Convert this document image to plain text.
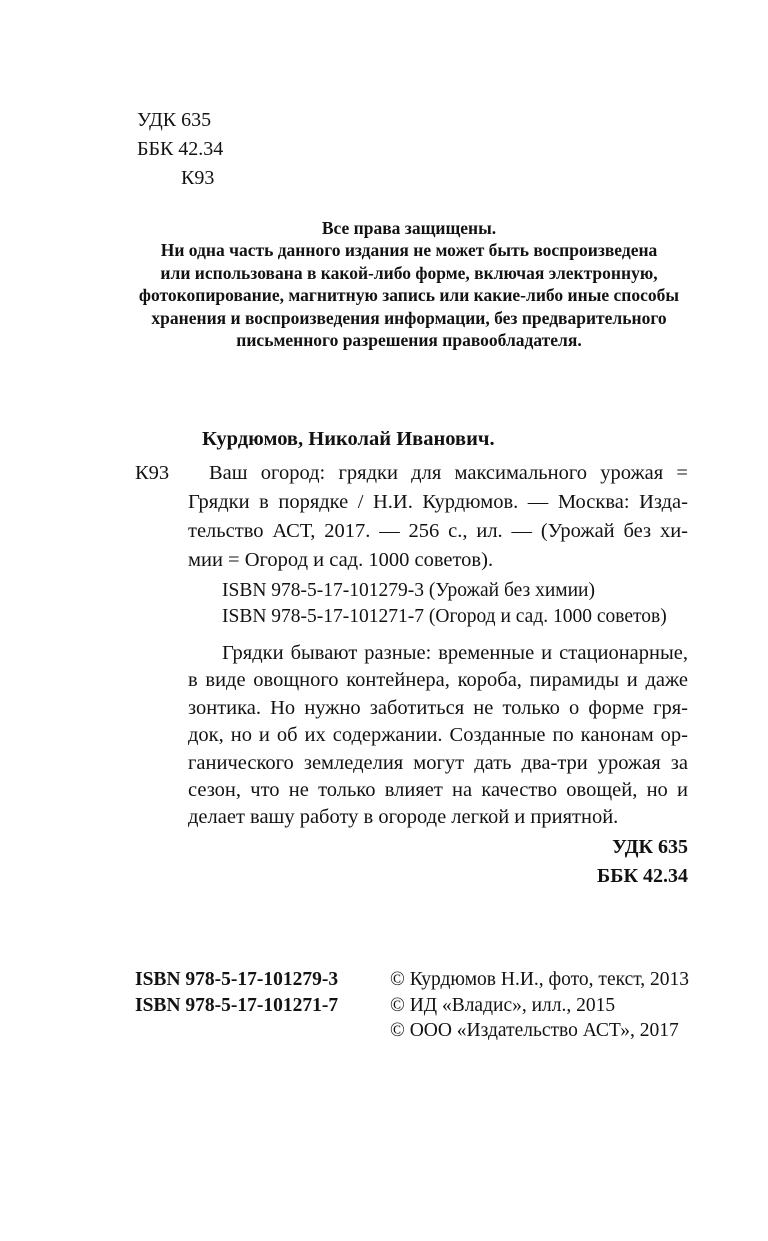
УДК 635
ББК 42.34
К93
Все права защищены.
Ни одна часть данного издания не может быть воспроизведена
или использована в какой-либо форме, включая электронную,
фотокопирование, магнитную запись или какие-либо иные способы
хранения и воспроизведения информации, без предварительного
письменного разрешения правообладателя.
Курдюмов, Николай Иванович.
К93	Ваш огород: грядки для максимального урожая =
Грядки в порядке / Н.И. Курдюмов. — Москва: Изда-
тельство АСТ, 2017. — 256 с., ил. — (Урожай без хи-
мии = Огород и сад. 1000 советов).
ISBN 978-5-17-101279-3 (Урожай без химии)
ISBN 978-5-17-101271-7 (Огород и сад. 1000 советов)
Грядки бывают разные: временные и стационарные,
в виде овощного контейнера, короба, пирамиды и даже
зонтика. Но нужно заботиться не только о форме гря-
док, но и об их содержании. Созданные по канонам ор-
ганического земледелия могут дать два-три урожая за
сезон, что не только влияет на качество овощей, но и
делает вашу работу в огороде легкой и приятной.
УДК 635
ББК 42.34
ISBN 978-5-17-101279-3
ISBN 978-5-17-101271-7
© Курдюмов Н.И., фото, текст, 2013
© ИД «Владис», илл., 2015
© ООО «Издательство АСТ», 2017
